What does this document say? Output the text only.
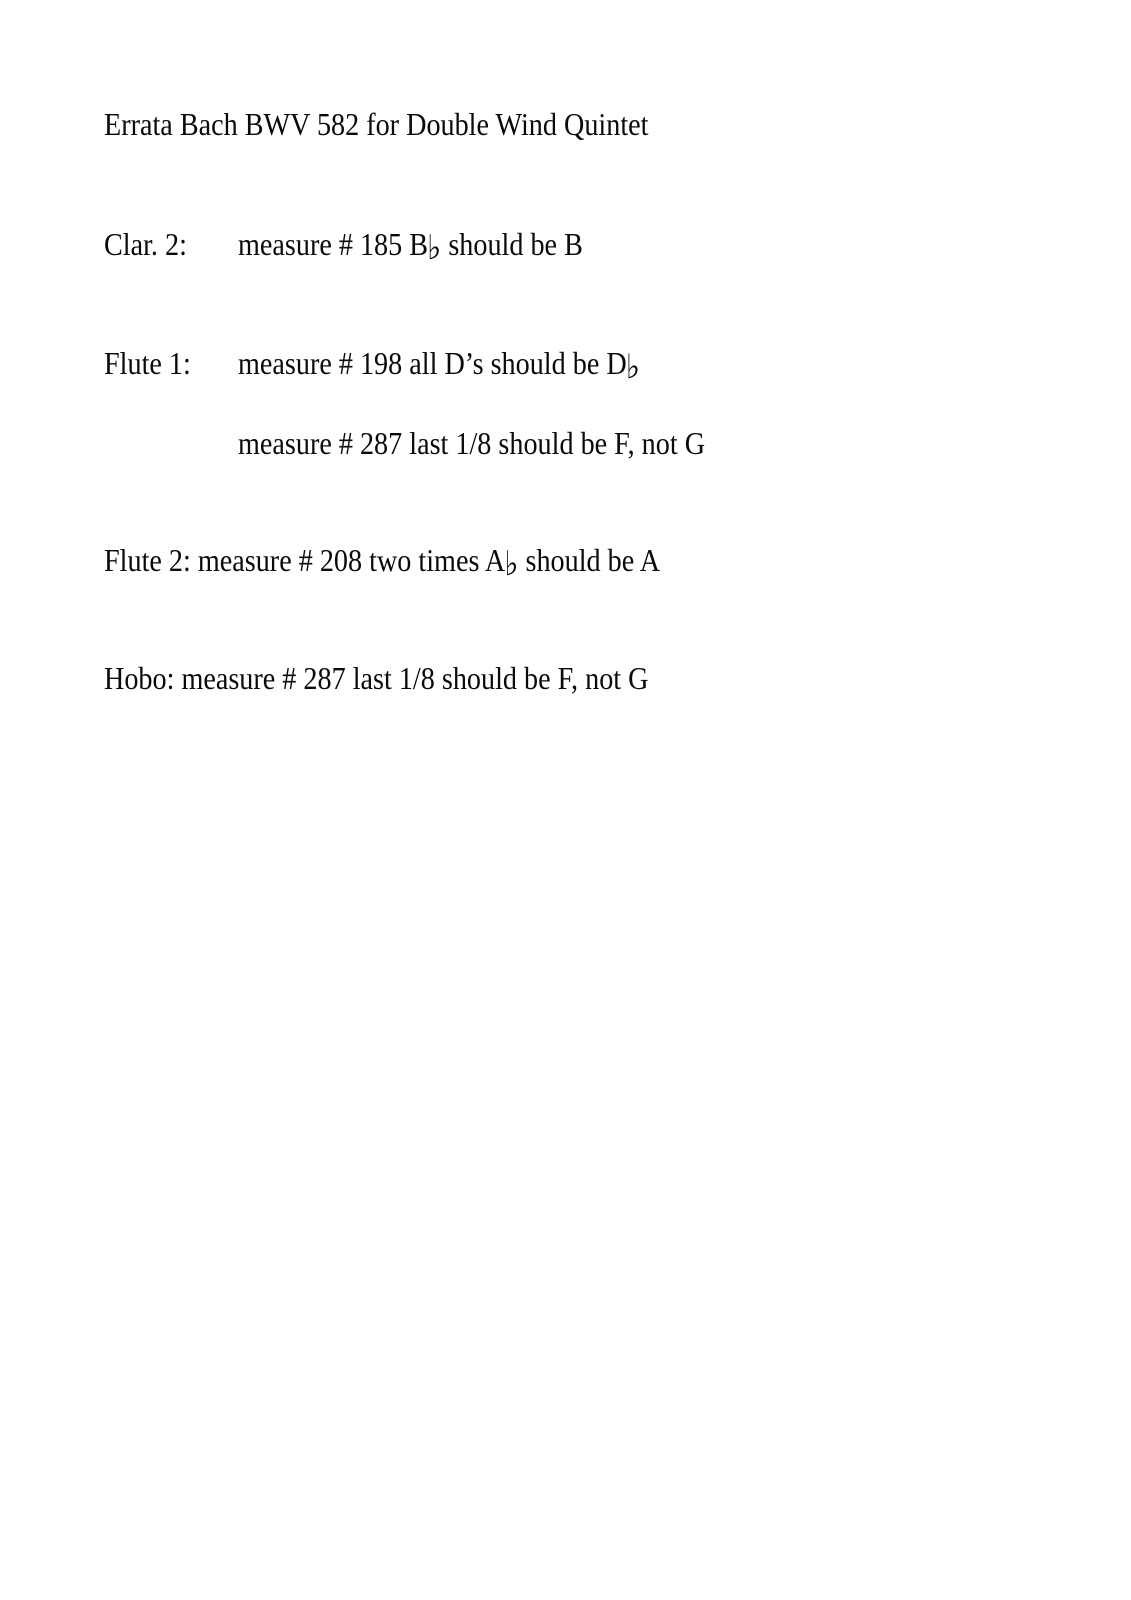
Errata Bach BWV 582 for Double Wind Quintet
Clar. 2: measure # 185 B♭ should be B
Flute 1: measure # 198 all D’s should be D♭
measure # 287 last 1/8 should be F, not G
Flute 2: measure # 208 two times A♭ should be A
Hobo: measure # 287 last 1/8 should be F, not G
